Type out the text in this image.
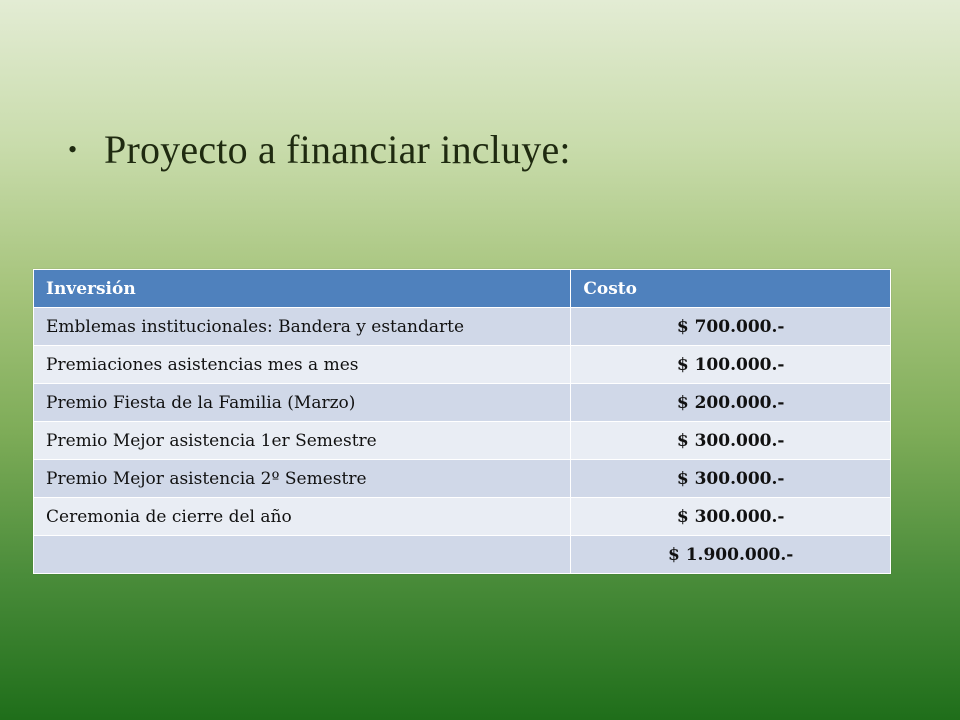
• Proyecto a financiar incluye:
Inversión	Costo
Emblemas institucionales: Bandera y estandarte	$ 700.000.-
Premiaciones asistencias mes a mes	$ 100.000.-
Premio Fiesta de la Familia (Marzo)	$ 200.000.-
Premio Mejor asistencia 1er Semestre	$ 300.000.-
Premio Mejor asistencia 2º Semestre	$ 300.000.-
Ceremonia de cierre del año	$ 300.000.-
	$ 1.900.000.-
